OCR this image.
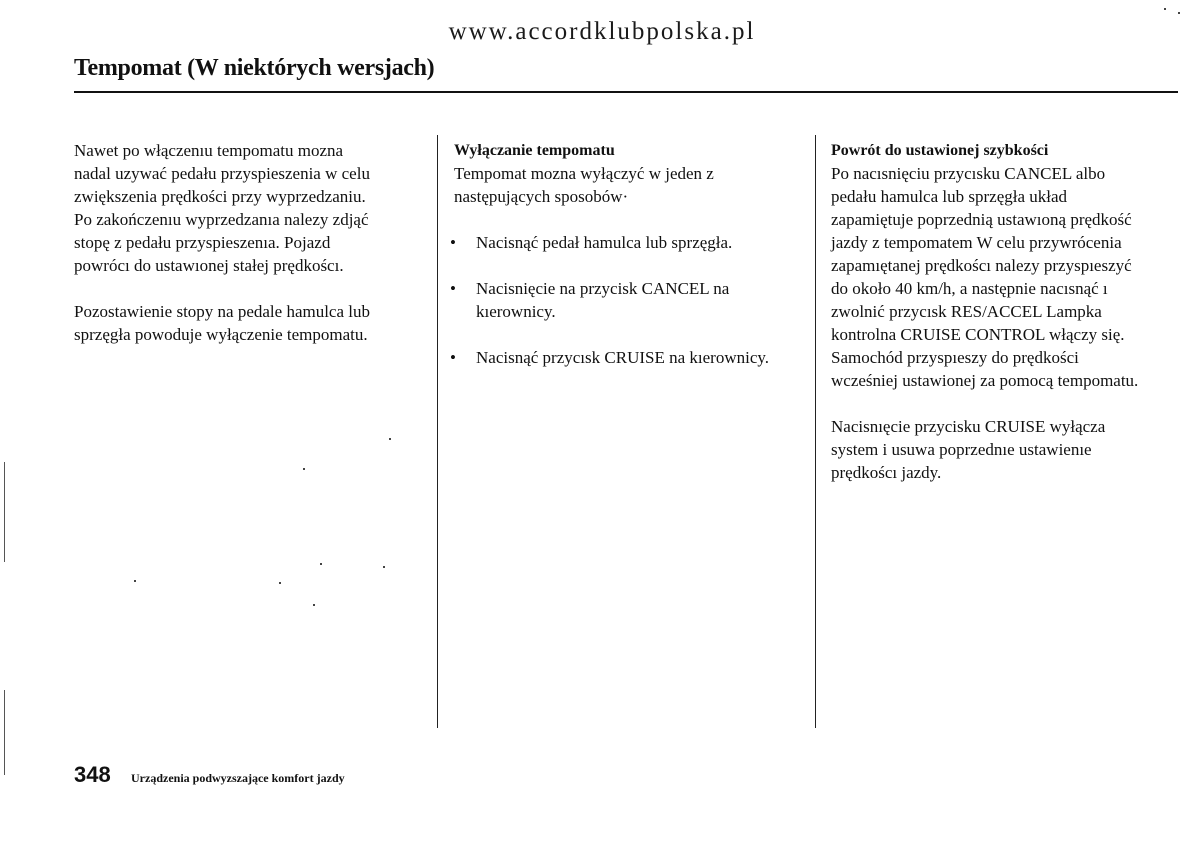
www.accordklubpolska.pl
Tempomat (W niektórych wersjach)

Nawet po włączenıu tempomatu mozna

nadal uzywać pedału przyspieszenia w celu

zwiększenia prędkości przy wyprzedzaniu.

Po zakończenıu wyprzedzanıa nalezy zdjąć

stopę z pedału przyspieszenıa. Pojazd

powrócı do ustawıonej stałej prędkoścı.

Pozostawienie stopy na pedale hamulca lub

sprzęgła powoduje wyłączenie tempomatu.

Wyłączanie tempomatu

Tempomat mozna wyłączyć w jeden z

następujących sposobów·

• Nacisnąć pedał hamulca lub sprzęgła.

• Nacisnięcie na przycisk CANCEL na
kıerownicy.

• Nacisnąć przycısk CRUISE na kıerownicy.

Powrót do ustawionej szybkości

Po nacısnięciu przycısku CANCEL albo

pedału hamulca lub sprzęgła układ

zapamiętuje poprzednią ustawıoną prędkość

jazdy z tempomatem W celu przywrócenia

zapamıętanej prędkoścı nalezy przyspıeszyć

do około 40 km/h, a następnie nacısnąć ı

zwolnić przycısk RES/ACCEL Lampka

kontrolna CRUISE CONTROL włączy się.

Samochód przyspıeszy do prędkości

wcześniej ustawionej za pomocą tempomatu.

Nacisnıęcie przycisku CRUISE wyłącza

system i usuwa poprzednıe ustawienıe

prędkoścı jazdy.

348 Urządzenia podwyzszające komfort jazdy
